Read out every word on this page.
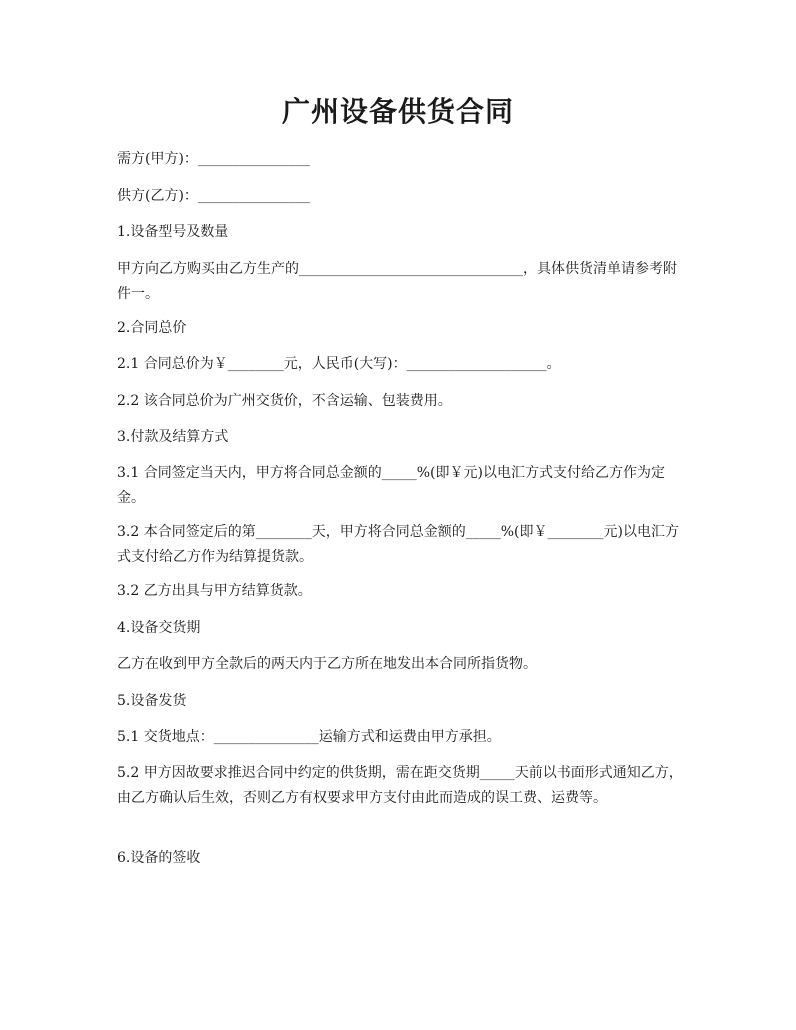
广州设备供货合同
需方(甲方)：________________
供方(乙方)：________________
1.设备型号及数量
甲方向乙方购买由乙方生产的________________________________，具体供货清单请参考附件一。
2.合同总价
2.1 合同总价为￥________元，人民币(大写)：____________________。
2.2 该合同总价为广州交货价，不含运输、包装费用。
3.付款及结算方式
3.1 合同签定当天内，甲方将合同总金额的_____%(即￥元)以电汇方式支付给乙方作为定金。
3.2 本合同签定后的第________天，甲方将合同总金额的_____%(即￥________元)以电汇方式支付给乙方作为结算提货款。
3.2 乙方出具与甲方结算货款。
4.设备交货期
乙方在收到甲方全款后的两天内于乙方所在地发出本合同所指货物。
5.设备发货
5.1 交货地点：_______________运输方式和运费由甲方承担。
5.2 甲方因故要求推迟合同中约定的供货期，需在距交货期_____天前以书面形式通知乙方，由乙方确认后生效，否则乙方有权要求甲方支付由此而造成的误工费、运费等。
6.设备的签收
